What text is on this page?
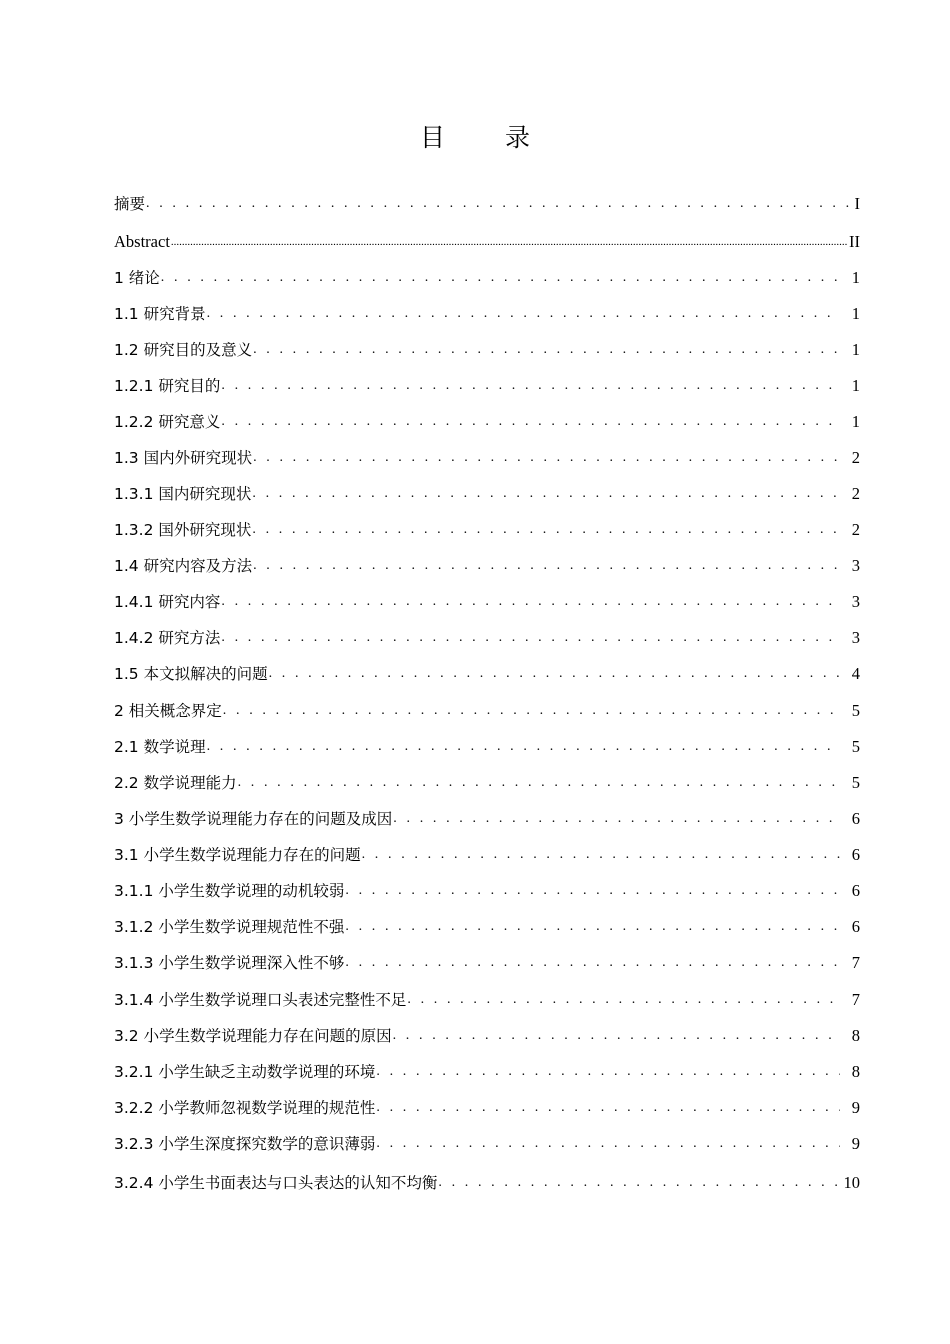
目 录
摘要 . . .	I
Abstract .....	II
1 绪论 . . .	1
1.1 研究背景 . . .	1
1.2 研究目的及意义 . . .	1
1.2.1 研究目的 . . .	1
1.2.2 研究意义 . . .	1
1.3 国内外研究现状 . . .	2
1.3.1 国内研究现状 . . .	2
1.3.2 国外研究现状 . . .	2
1.4 研究内容及方法 . . .	3
1.4.1 研究内容 . . .	3
1.4.2 研究方法 . . .	3
1.5 本文拟解决的问题 . . .	4
2 相关概念界定 . . .	5
2.1 数学说理 . . .	5
2.2 数学说理能力 . . .	5
3 小学生数学说理能力存在的问题及成因 . . .	6
3.1 小学生数学说理能力存在的问题 . . .	6
3.1.1 小学生数学说理的动机较弱 . . .	6
3.1.2 小学生数学说理规范性不强 . . .	6
3.1.3 小学生数学说理深入性不够 . . .	7
3.1.4 小学生数学说理口头表述完整性不足 . . .	7
3.2 小学生数学说理能力存在问题的原因 . . .	8
3.2.1 小学生缺乏主动数学说理的环境 . . .	8
3.2.2 小学教师忽视数学说理的规范性 . . .	9
3.2.3 小学生深度探究数学的意识薄弱 . . .	9
3.2.4 小学生书面表达与口头表达的认知不均衡 . . .	10
